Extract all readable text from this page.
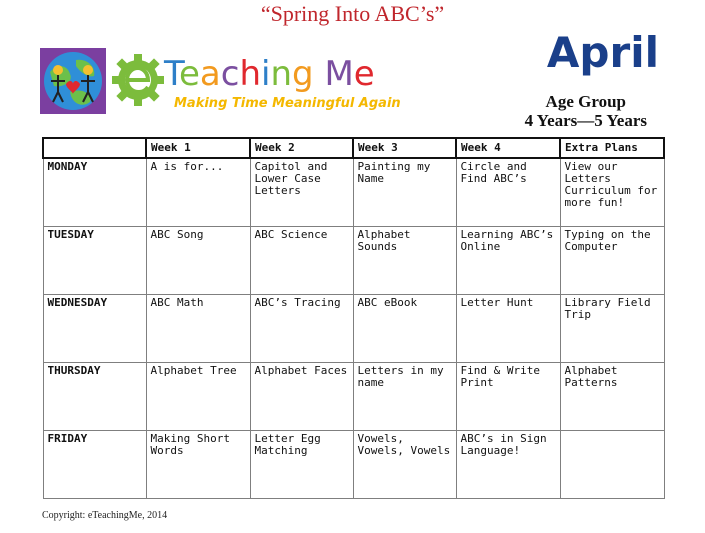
“Spring Into ABC’s”
Teaching Me
Making Time Meaningful Again
April
Age Group
4 Years—5 Years
	Week 1	Week 2	Week 3	Week 4	Extra Plans
MONDAY	A is for...	Capitol and Lower Case Letters	Painting my Name	Circle and Find ABC’s	View our Letters Curriculum for more fun!
TUESDAY	ABC Song	ABC Science	Alphabet Sounds	Learning ABC’s Online	Typing on the Computer
WEDNESDAY	ABC Math	ABC’s Tracing	ABC eBook	Letter Hunt	Library Field Trip
THURSDAY	Alphabet Tree	Alphabet Faces	Letters in my name	Find & Write Print	Alphabet Patterns
FRIDAY	Making Short Words	Letter Egg Matching	Vowels, Vowels, Vowels	ABC’s in Sign Language!	
Copyright: eTeachingMe, 2014
